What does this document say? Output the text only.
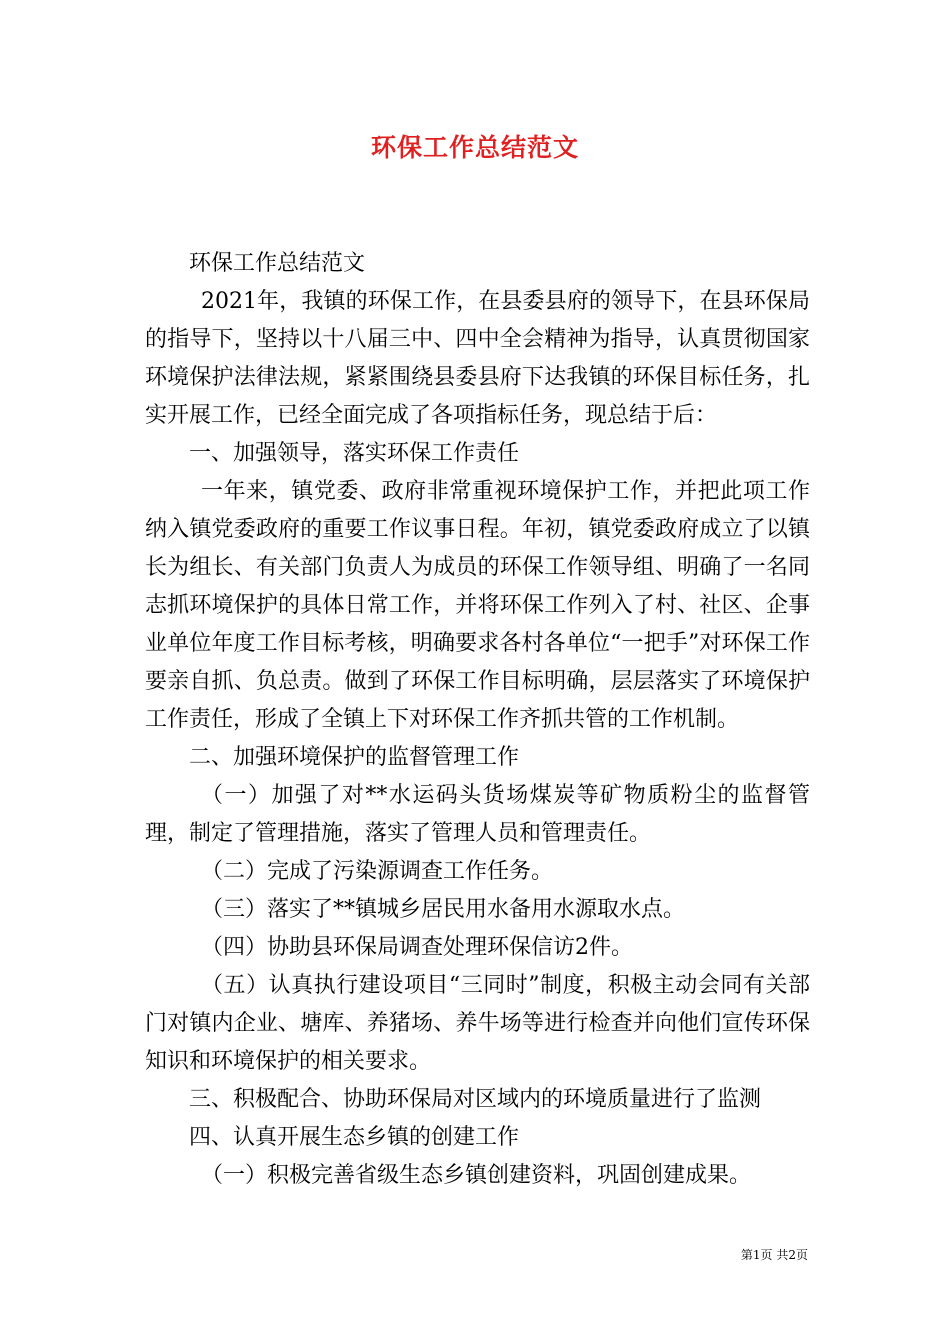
环保工作总结范文

环保工作总结范文

2021年，我镇的环保工作，在县委县府的领导下，在县环保局的指导下，坚持以十八届三中、四中全会精神为指导，认真贯彻国家环境保护法律法规，紧紧围绕县委县府下达我镇的环保目标任务，扎实开展工作，已经全面完成了各项指标任务，现总结于后：

一、加强领导，落实环保工作责任

一年来，镇党委、政府非常重视环境保护工作，并把此项工作纳入镇党委政府的重要工作议事日程。年初，镇党委政府成立了以镇长为组长、有关部门负责人为成员的环保工作领导组、明确了一名同志抓环境保护的具体日常工作，并将环保工作列入了村、社区、企事业单位年度工作目标考核，明确要求各村各单位“一把手”对环保工作要亲自抓、负总责。做到了环保工作目标明确，层层落实了环境保护工作责任，形成了全镇上下对环保工作齐抓共管的工作机制。

二、加强环境保护的监督管理工作

（一）加强了对**水运码头货场煤炭等矿物质粉尘的监督管理，制定了管理措施，落实了管理人员和管理责任。

（二）完成了污染源调查工作任务。

（三）落实了**镇城乡居民用水备用水源取水点。

（四）协助县环保局调查处理环保信访2件。

（五）认真执行建设项目“三同时”制度，积极主动会同有关部门对镇内企业、塘库、养猪场、养牛场等进行检查并向他们宣传环保知识和环境保护的相关要求。

三、积极配合、协助环保局对区域内的环境质量进行了监测

四、认真开展生态乡镇的创建工作

（一）积极完善省级生态乡镇创建资料，巩固创建成果。

第1页 共2页
